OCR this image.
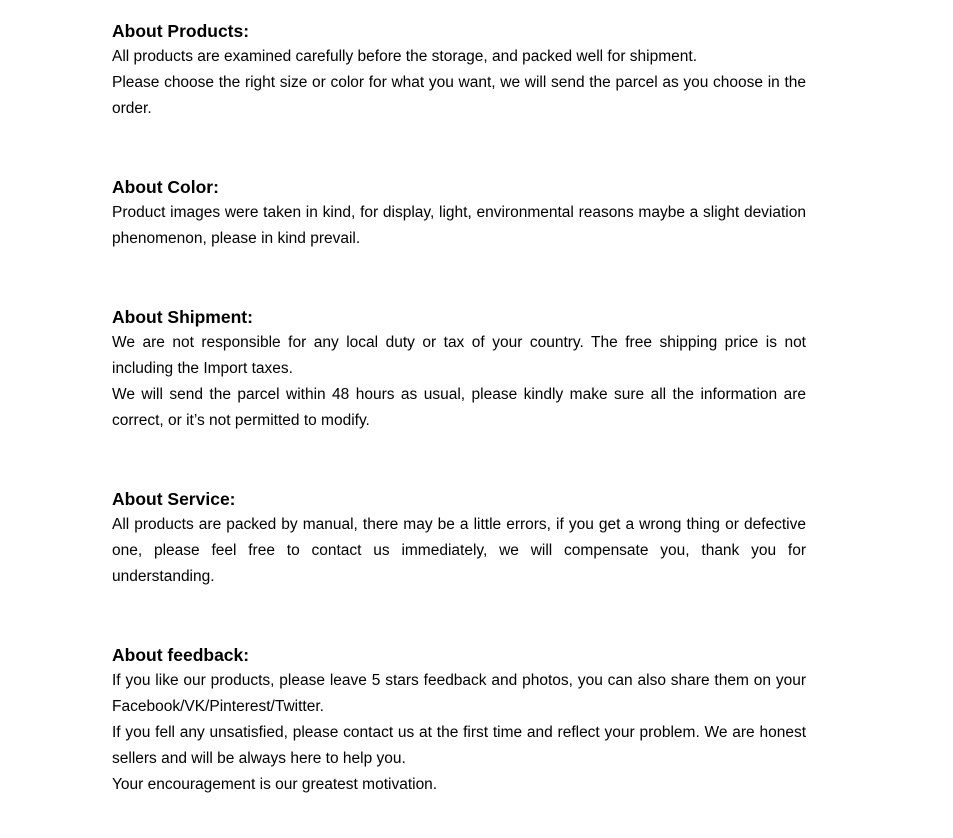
About Products:

All products are examined carefully before the storage, and packed well for shipment.

Please choose the right size or color for what you want, we will send the parcel as you choose in the order.

About Color:

Product images were taken in kind, for display, light, environmental reasons maybe a slight deviation phenomenon, please in kind prevail.

About Shipment:

We are not responsible for any local duty or tax of your country. The free shipping price is not including the Import taxes.

We will send the parcel within 48 hours as usual, please kindly make sure all the information are correct, or it’s not permitted to modify.

About Service:

All products are packed by manual, there may be a little errors, if you get a wrong thing or defective one, please feel free to contact us immediately, we will compensate you, thank you for understanding.

About feedback:

If you like our products, please leave 5 stars feedback and photos, you can also share them on your Facebook/VK/Pinterest/Twitter.

If you fell any unsatisfied, please contact us at the first time and reflect your problem. We are honest sellers and will be always here to help you.

Your encouragement is our greatest motivation.
